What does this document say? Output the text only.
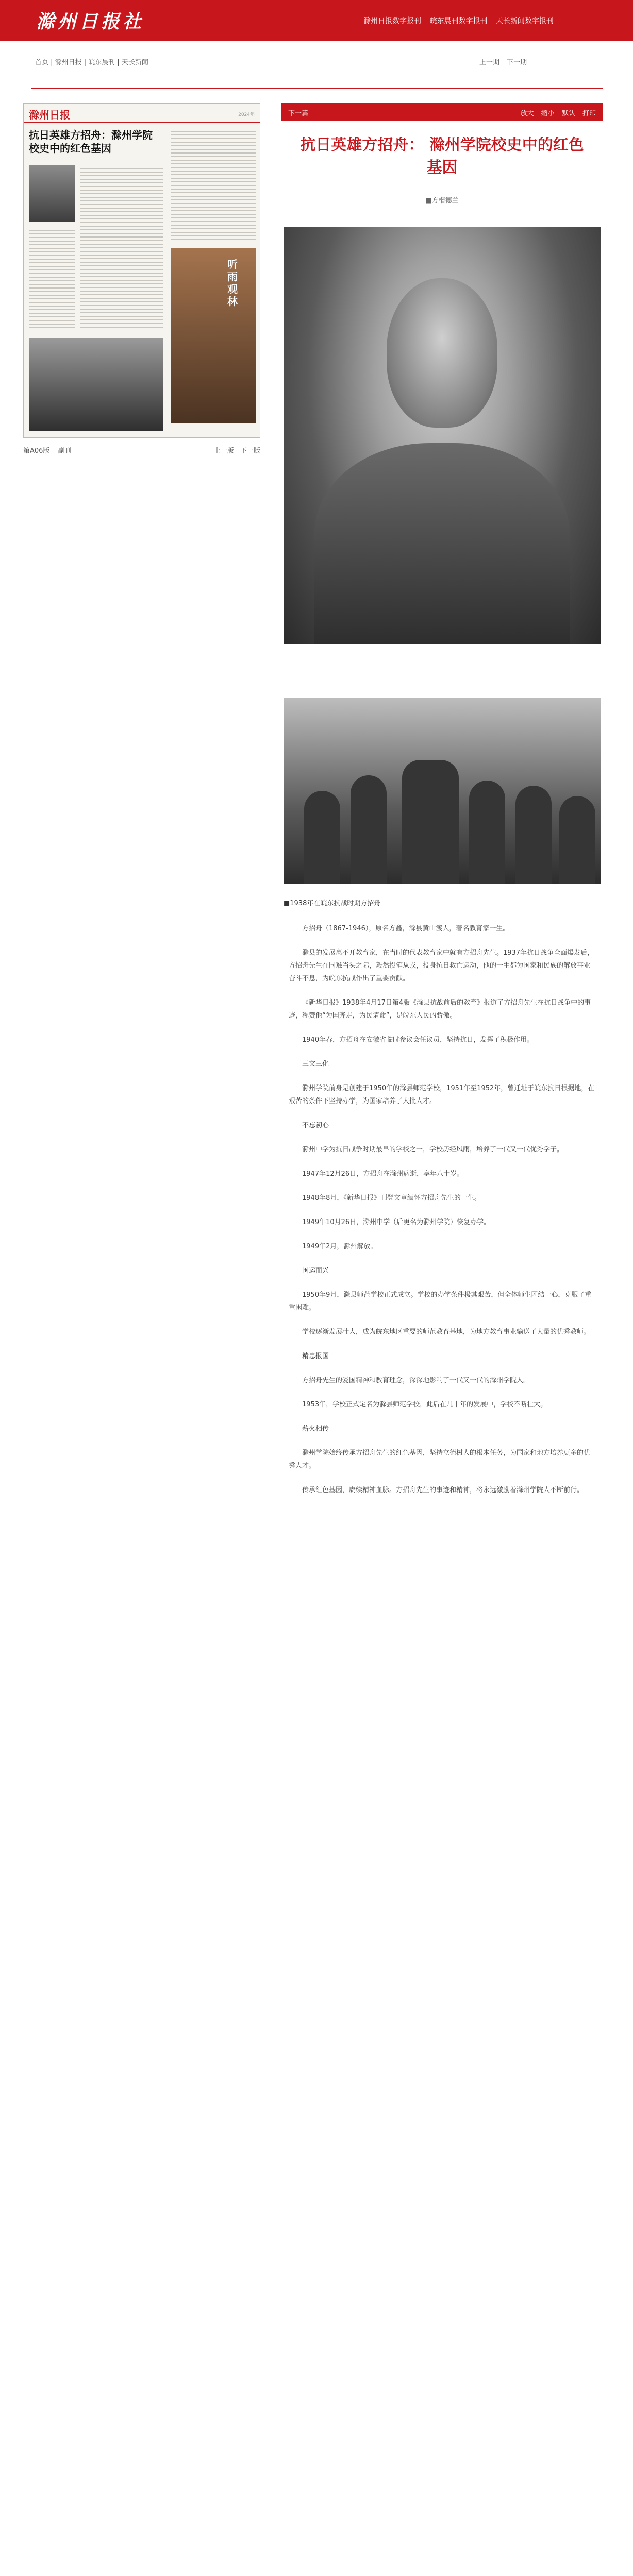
滁州日报社	滁州日报数字报刊 皖东晨刊数字报刊 天长新闻数字报刊
首页 | 滁州日报 | 皖东晨刊 | 天长新闻	上一期 下一期
滁州日报	2024年
抗日英雄方招舟：滁州学院校史中的红色基因
听雨观林
第A06版 副刊	上一版 下一版
下一篇	放大 缩小 默认 打印
抗日英雄方招舟： 滁州学院校史中的红色基因
■方楷德兰
■1938年在皖东抗战时期方招舟

方招舟（1867-1946），原名方鑫，滁县黄山渡人，著名教育家一生。

滁县的发展离不开教育家，在当时的代表教育家中就有方招舟先生。1937年抗日战争全面爆发后，方招舟先生在国难当头之际，毅然投笔从戎，投身抗日救亡运动，他的一生都为国家和民族的解放事业奋斗不息，为皖东抗战作出了重要贡献。

《新华日报》1938年4月17日第4版《滁县抗战前后的教育》报道了方招舟先生在抗日战争中的事迹，称赞他“为国奔走，为民请命”，是皖东人民的骄傲。

1940年春，方招舟在安徽省临时参议会任议员，坚持抗日，发挥了积极作用。

三文三化

滁州学院前身是创建于1950年的滁县师范学校，1951年至1952年，曾迁址于皖东抗日根据地，在艰苦的条件下坚持办学，为国家培养了大批人才。

不忘初心

滁州中学为抗日战争时期最早的学校之一，学校历经风雨，培养了一代又一代优秀学子。

1947年12月26日，方招舟在滁州病逝，享年八十岁。

1948年8月，《新华日报》刊登文章缅怀方招舟先生的一生。

1949年10月26日，滁州中学（后更名为滁州学院）恢复办学。

1949年2月，滁州解放。

国运而兴

1950年9月，滁县师范学校正式成立。学校的办学条件极其艰苦，但全体师生团结一心，克服了重重困难。

学校逐渐发展壮大，成为皖东地区重要的师范教育基地，为地方教育事业输送了大量的优秀教师。

精忠报国

方招舟先生的爱国精神和教育理念，深深地影响了一代又一代的滁州学院人。

1953年，学校正式定名为滁县师范学校，此后在几十年的发展中，学校不断壮大。

薪火相传

滁州学院始终传承方招舟先生的红色基因，坚持立德树人的根本任务，为国家和地方培养更多的优秀人才。

传承红色基因，赓续精神血脉。方招舟先生的事迹和精神，将永远激励着滁州学院人不断前行。
